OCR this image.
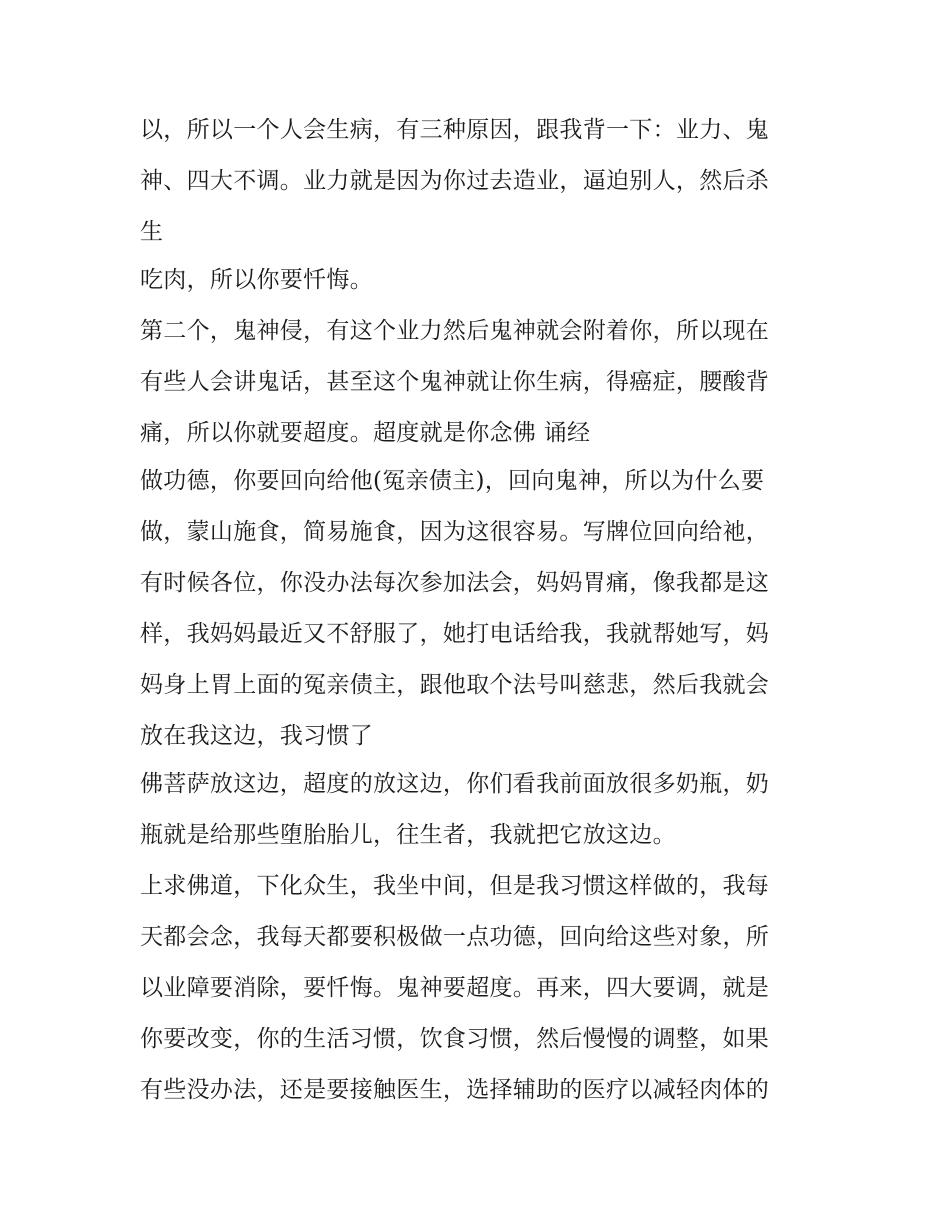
以，所以一个人会生病，有三种原因，跟我背一下：业力、鬼
神、四大不调。业力就是因为你过去造业，逼迫别人，然后杀
生
吃肉，所以你要忏悔。
第二个，鬼神侵，有这个业力然后鬼神就会附着你，所以现在
有些人会讲鬼话，甚至这个鬼神就让你生病，得癌症，腰酸背
痛，所以你就要超度。超度就是你念佛 诵经
做功德，你要回向给他(冤亲债主)，回向鬼神，所以为什么要
做，蒙山施食，简易施食，因为这很容易。写牌位回向给祂，
有时候各位，你没办法每次参加法会，妈妈胃痛，像我都是这
样，我妈妈最近又不舒服了，她打电话给我，我就帮她写，妈
妈身上胃上面的冤亲债主，跟他取个法号叫慈悲，然后我就会
放在我这边，我习惯了
佛菩萨放这边，超度的放这边，你们看我前面放很多奶瓶，奶
瓶就是给那些堕胎胎儿，往生者，我就把它放这边。
上求佛道，下化众生，我坐中间，但是我习惯这样做的，我每
天都会念，我每天都要积极做一点功德，回向给这些对象，所
以业障要消除，要忏悔。鬼神要超度。再来，四大要调，就是
你要改变，你的生活习惯，饮食习惯，然后慢慢的调整，如果
有些没办法，还是要接触医生，选择辅助的医疗以减轻肉体的
